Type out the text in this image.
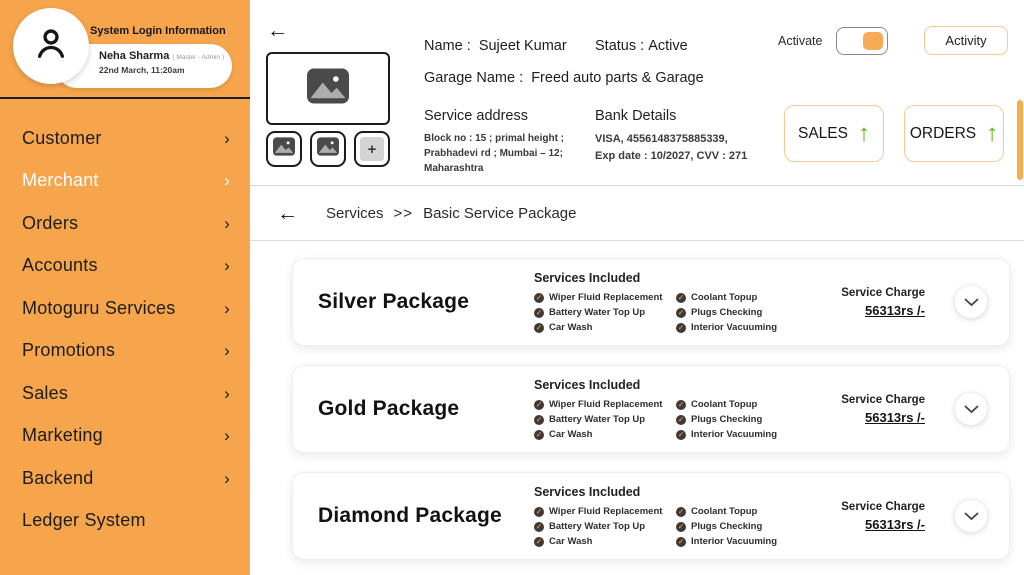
System Login Information
Neha Sharma ( Master - Admin )
22nd March, 11:20am
Customer	›
Merchant	›
Orders	›
Accounts	›
Motoguru Services	›
Promotions	›
Sales	›
Marketing	›
Backend	›
Ledger System
←
+
Name : Sujeet Kumar Status : Active
Garage Name : Freed auto parts & Garage
Service address
Block no : 15 ; primal height ;
Prabhadevi rd ; Mumbai – 12;
Maharashtra
Bank Details
VISA, 4556148375885339,
Exp date : 10/2027, CVV : 271
Activate	Activity
SALES ↑	ORDERS ↑
← Services >> Basic Service Package
Silver Package
Services Included
✓ Wiper Fluid Replacement
✓ Battery Water Top Up
✓ Car Wash
✓ Coolant Topup
✓ Plugs Checking
✓ Interior Vacuuming
Service Charge
56313rs /-
Gold Package
Services Included
✓ Wiper Fluid Replacement
✓ Battery Water Top Up
✓ Car Wash
✓ Coolant Topup
✓ Plugs Checking
✓ Interior Vacuuming
Service Charge
56313rs /-
Diamond Package
Services Included
✓ Wiper Fluid Replacement
✓ Battery Water Top Up
✓ Car Wash
✓ Coolant Topup
✓ Plugs Checking
✓ Interior Vacuuming
Service Charge
56313rs /-
